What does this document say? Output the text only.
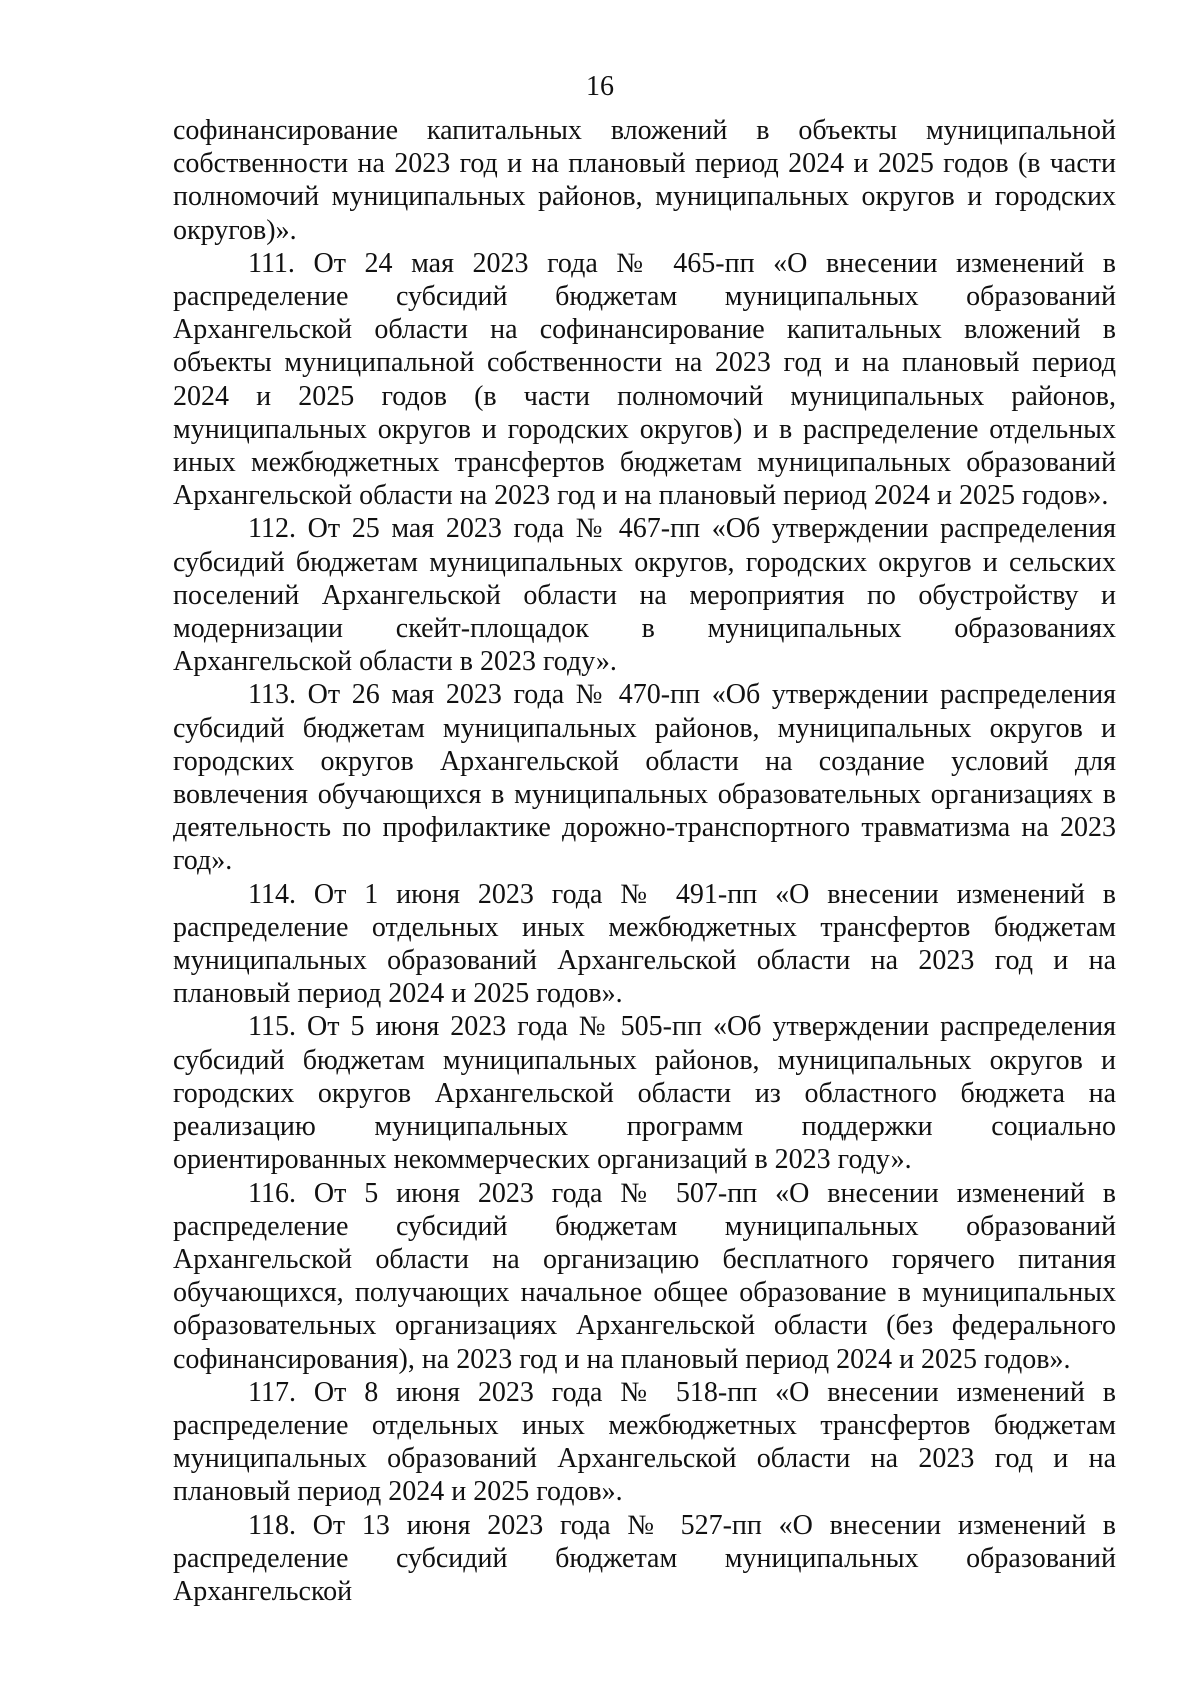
16

софинансирование капитальных вложений в объекты муниципальной собственности на 2023 год и на плановый период 2024 и 2025 годов (в части полномочий муниципальных районов, муниципальных округов и городских округов)».

111. От 24 мая 2023 года № 465-пп «О внесении изменений в распределение субсидий бюджетам муниципальных образований Архангельской области на софинансирование капитальных вложений в объекты муниципальной собственности на 2023 год и на плановый период 2024 и 2025 годов (в части полномочий муниципальных районов, муниципальных округов и городских округов) и в распределение отдельных иных межбюджетных трансфертов бюджетам муниципальных образований Архангельской области на 2023 год и на плановый период 2024 и 2025 годов».

112. От 25 мая 2023 года № 467-пп «Об утверждении распределения субсидий бюджетам муниципальных округов, городских округов и сельских поселений Архангельской области на мероприятия по обустройству и модернизации скейт-площадок в муниципальных образованиях Архангельской области в 2023 году».

113. От 26 мая 2023 года № 470-пп «Об утверждении распределения субсидий бюджетам муниципальных районов, муниципальных округов и городских округов Архангельской области на создание условий для вовлечения обучающихся в муниципальных образовательных организациях в деятельность по профилактике дорожно-транспортного травматизма на 2023 год».

114. От 1 июня 2023 года № 491-пп «О внесении изменений в распределение отдельных иных межбюджетных трансфертов бюджетам муниципальных образований Архангельской области на 2023 год и на плановый период 2024 и 2025 годов».

115. От 5 июня 2023 года № 505-пп «Об утверждении распределения субсидий бюджетам муниципальных районов, муниципальных округов и городских округов Архангельской области из областного бюджета на реализацию муниципальных программ поддержки социально ориентированных некоммерческих организаций в 2023 году».

116. От 5 июня 2023 года № 507-пп «О внесении изменений в распределение субсидий бюджетам муниципальных образований Архангельской области на организацию бесплатного горячего питания обучающихся, получающих начальное общее образование в муниципальных образовательных организациях Архангельской области (без федерального софинансирования), на 2023 год и на плановый период 2024 и 2025 годов».

117. От 8 июня 2023 года № 518-пп «О внесении изменений в распределение отдельных иных межбюджетных трансфертов бюджетам муниципальных образований Архангельской области на 2023 год и на плановый период 2024 и 2025 годов».

118. От 13 июня 2023 года № 527-пп «О внесении изменений в распределение субсидий бюджетам муниципальных образований Архангельской
